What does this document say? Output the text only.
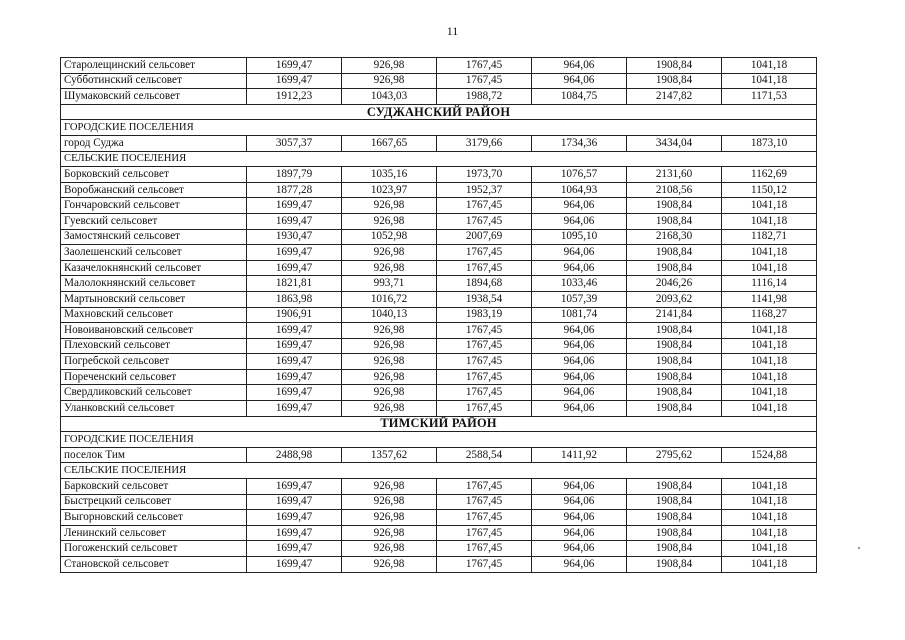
11
Старолещинский сельсовет	1699,47	926,98	1767,45	964,06	1908,84	1041,18
Субботинский сельсовет	1699,47	926,98	1767,45	964,06	1908,84	1041,18
Шумаковский сельсовет	1912,23	1043,03	1988,72	1084,75	2147,82	1171,53
СУДЖАНСКИЙ РАЙОН						
ГОРОДСКИЕ ПОСЕЛЕНИЯ						
город Суджа	3057,37	1667,65	3179,66	1734,36	3434,04	1873,10
СЕЛЬСКИЕ ПОСЕЛЕНИЯ						
Борковский сельсовет	1897,79	1035,16	1973,70	1076,57	2131,60	1162,69
Воробжанский сельсовет	1877,28	1023,97	1952,37	1064,93	2108,56	1150,12
Гончаровский сельсовет	1699,47	926,98	1767,45	964,06	1908,84	1041,18
Гуевский сельсовет	1699,47	926,98	1767,45	964,06	1908,84	1041,18
Замостянский сельсовет	1930,47	1052,98	2007,69	1095,10	2168,30	1182,71
Заолешенский сельсовет	1699,47	926,98	1767,45	964,06	1908,84	1041,18
Казачелокнянский сельсовет	1699,47	926,98	1767,45	964,06	1908,84	1041,18
Малолокнянский сельсовет	1821,81	993,71	1894,68	1033,46	2046,26	1116,14
Мартыновский сельсовет	1863,98	1016,72	1938,54	1057,39	2093,62	1141,98
Махновский сельсовет	1906,91	1040,13	1983,19	1081,74	2141,84	1168,27
Новоивановский сельсовет	1699,47	926,98	1767,45	964,06	1908,84	1041,18
Плеховский сельсовет	1699,47	926,98	1767,45	964,06	1908,84	1041,18
Погребской сельсовет	1699,47	926,98	1767,45	964,06	1908,84	1041,18
Пореченский сельсовет	1699,47	926,98	1767,45	964,06	1908,84	1041,18
Свердликовский сельсовет	1699,47	926,98	1767,45	964,06	1908,84	1041,18
Уланковский сельсовет	1699,47	926,98	1767,45	964,06	1908,84	1041,18
ТИМСКИЙ РАЙОН						
ГОРОДСКИЕ ПОСЕЛЕНИЯ						
поселок Тим	2488,98	1357,62	2588,54	1411,92	2795,62	1524,88
СЕЛЬСКИЕ ПОСЕЛЕНИЯ						
Барковский сельсовет	1699,47	926,98	1767,45	964,06	1908,84	1041,18
Быстрецкий сельсовет	1699,47	926,98	1767,45	964,06	1908,84	1041,18
Выгорновский сельсовет	1699,47	926,98	1767,45	964,06	1908,84	1041,18
Ленинский сельсовет	1699,47	926,98	1767,45	964,06	1908,84	1041,18
Погоженский сельсовет	1699,47	926,98	1767,45	964,06	1908,84	1041,18
Становской сельсовет	1699,47	926,98	1767,45	964,06	1908,84	1041,18
